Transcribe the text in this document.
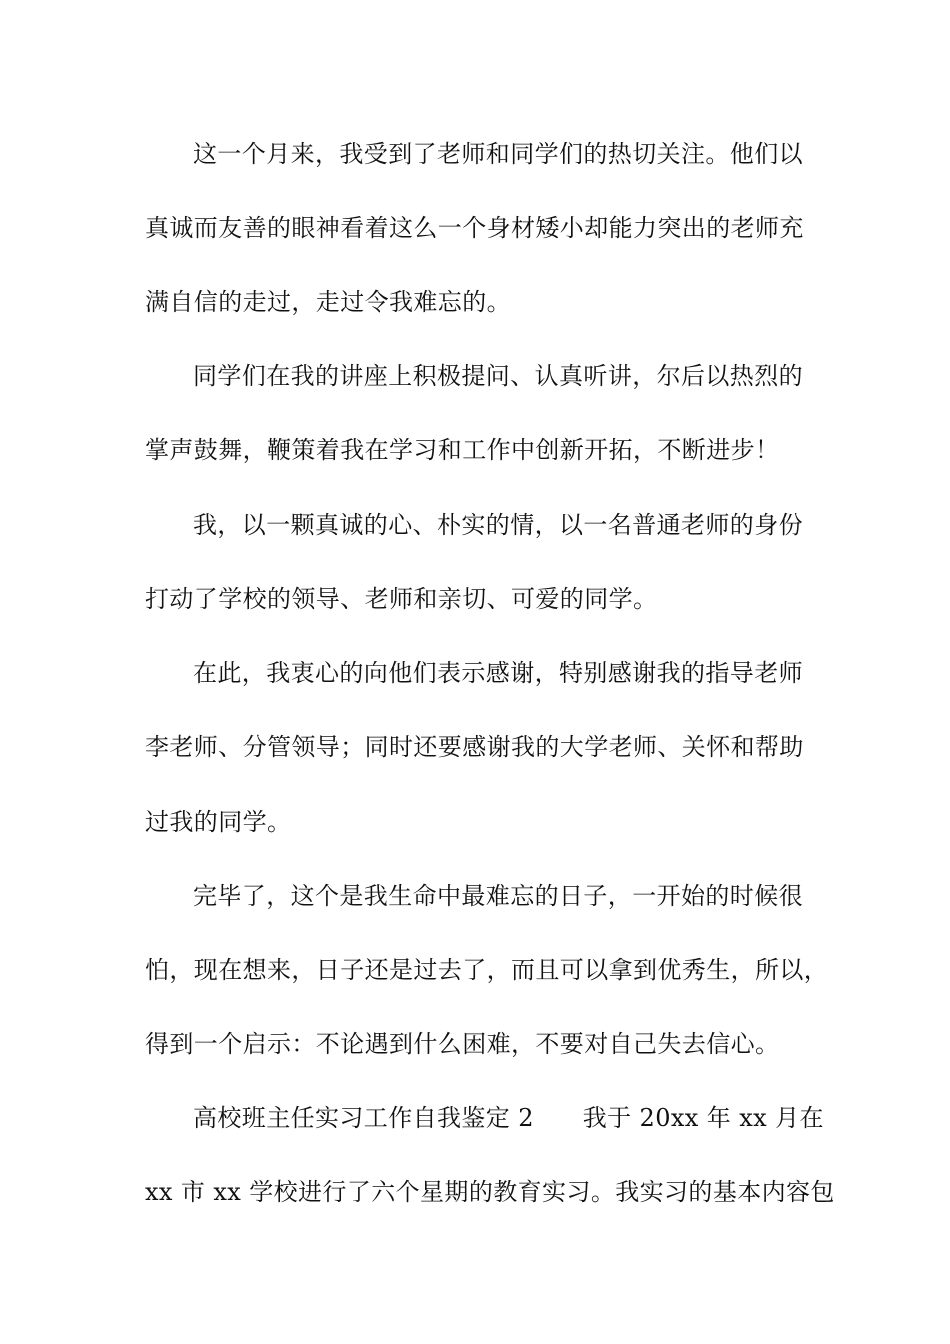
这一个月来，我受到了老师和同学们的热切关注。他们以
真诚而友善的眼神看着这么一个身材矮小却能力突出的老师充
满自信的走过，走过令我难忘的。
同学们在我的讲座上积极提问、认真听讲，尔后以热烈的
掌声鼓舞，鞭策着我在学习和工作中创新开拓，不断进步！
我，以一颗真诚的心、朴实的情，以一名普通老师的身份
打动了学校的领导、老师和亲切、可爱的同学。
在此，我衷心的向他们表示感谢，特别感谢我的指导老师
李老师、分管领导；同时还要感谢我的大学老师、关怀和帮助
过我的同学。
完毕了，这个是我生命中最难忘的日子，一开始的时候很
怕，现在想来，日子还是过去了，而且可以拿到优秀生，所以，
得到一个启示：不论遇到什么困难，不要对自己失去信心。
高校班主任实习工作自我鉴定 2　　我于 20xx 年 xx 月在
xx 市 xx 学校进行了六个星期的教育实习。我实习的基本内容包
